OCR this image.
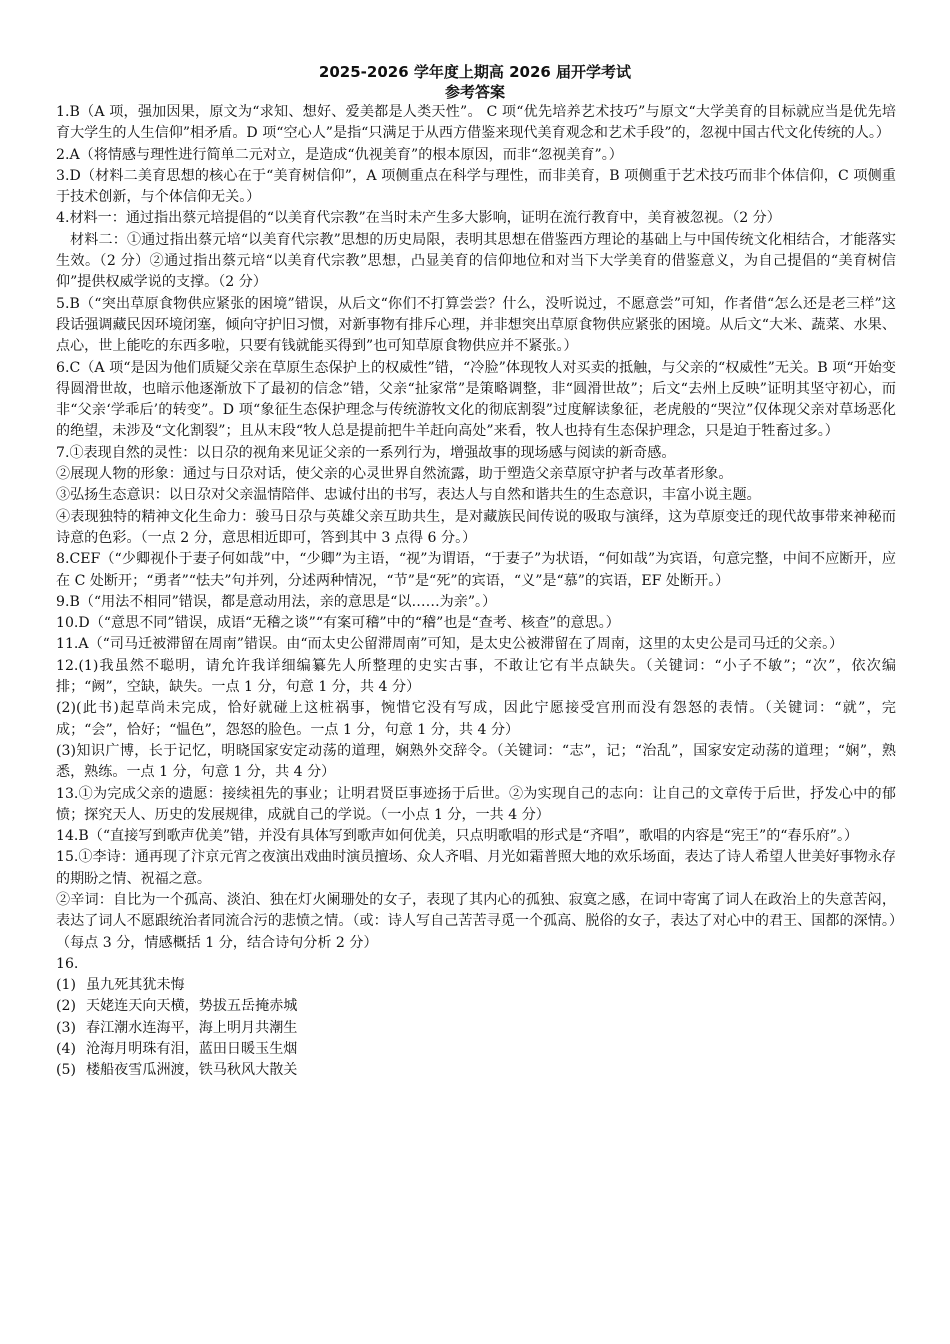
2025-2026 学年度上期高 2026 届开学考试
参考答案

1.B（A 项，强加因果，原文为“求知、想好、爱美都是人类天性”。 C 项“优先培养艺术技巧”与原文“大学美育的目标就应当是优先培育大学生的人生信仰”相矛盾。D 项“空心人”是指“只满足于从西方借鉴来现代美育观念和艺术手段”的，忽视中国古代文化传统的人。）

2.A（将情感与理性进行简单二元对立，是造成“仇视美育”的根本原因，而非“忽视美育”。）

3.D（材料二美育思想的核心在于“美育树信仰”，A 项侧重点在科学与理性，而非美育，B 项侧重于艺术技巧而非个体信仰，C 项侧重于技术创新，与个体信仰无关。）

4.材料一：通过指出蔡元培提倡的“以美育代宗教”在当时未产生多大影响，证明在流行教育中，美育被忽视。（2 分）

材料二：①通过指出蔡元培“以美育代宗教”思想的历史局限，表明其思想在借鉴西方理论的基础上与中国传统文化相结合，才能落实生效。（2 分）②通过指出蔡元培“以美育代宗教”思想，凸显美育的信仰地位和对当下大学美育的借鉴意义，为自己提倡的“美育树信仰”提供权威学说的支撑。（2 分）

5.B（“突出草原食物供应紧张的困境”错误，从后文“你们不打算尝尝？什么，没听说过，不愿意尝”可知，作者借“怎么还是老三样”这段话强调藏民因环境闭塞，倾向守护旧习惯，对新事物有排斥心理，并非想突出草原食物供应紧张的困境。从后文“大米、蔬菜、水果、点心，世上能吃的东西多啦，只要有钱就能买得到”也可知草原食物供应并不紧张。）

6.C（A 项“是因为他们质疑父亲在草原生态保护上的权威性”错，“冷脸”体现牧人对买卖的抵触，与父亲的“权威性”无关。B 项“开始变得圆滑世故，也暗示他逐渐放下了最初的信念”错，父亲“扯家常”是策略调整，非“圆滑世故”；后文“去州上反映”证明其坚守初心，而非“父亲‘学乖后’的转变”。D 项“象征生态保护理念与传统游牧文化的彻底割裂”过度解读象征，老虎般的“哭泣”仅体现父亲对草场恶化的绝望，未涉及“文化割裂”；且从末段“牧人总是提前把牛羊赶向高处”来看，牧人也持有生态保护理念，只是迫于牲畜过多。）

7.①表现自然的灵性：以日尕的视角来见证父亲的一系列行为，增强故事的现场感与阅读的新奇感。

②展现人物的形象：通过与日尕对话，使父亲的心灵世界自然流露，助于塑造父亲草原守护者与改革者形象。

③弘扬生态意识：以日尕对父亲温情陪伴、忠诚付出的书写，表达人与自然和谐共生的生态意识，丰富小说主题。

④表现独特的精神文化生命力：骏马日尕与英雄父亲互助共生，是对藏族民间传说的吸取与演绎，这为草原变迁的现代故事带来神秘而诗意的色彩。（一点 2 分，意思相近即可，答到其中 3 点得 6 分。）

8.CEF（“少卿视仆于妻子何如哉”中，“少卿”为主语，“视”为谓语，“于妻子”为状语，“何如哉”为宾语，句意完整，中间不应断开，应在 C 处断开；“勇者”“怯夫”句并列，分述两种情况，“节”是“死”的宾语，“义”是“慕”的宾语，EF 处断开。）

9.B（“用法不相同”错误，都是意动用法，亲的意思是“以……为亲”。）

10.D（“意思不同”错误，成语“无稽之谈”“有案可稽”中的“稽”也是“查考、核查”的意思。）

11.A（“司马迁被滞留在周南”错误。由“而太史公留滞周南”可知，是太史公被滞留在了周南，这里的太史公是司马迁的父亲。）

12.(1)我虽然不聪明，请允许我详细编纂先人所整理的史实古事，不敢让它有半点缺失。（关键词：“小子不敏”；“次”，依次编排；“阙”，空缺，缺失。一点 1 分，句意 1 分，共 4 分）

(2)(此书)起草尚未完成，恰好就碰上这桩祸事，惋惜它没有写成，因此宁愿接受宫刑而没有怨怒的表情。（关键词：“就”，完成；“会”，恰好；“愠色”，怨怒的脸色。一点 1 分，句意 1 分，共 4 分）

(3)知识广博，长于记忆，明晓国家安定动荡的道理，娴熟外交辞令。（关键词：“志”，记；“治乱”，国家安定动荡的道理；“娴”，熟悉，熟练。一点 1 分，句意 1 分，共 4 分）

13.①为完成父亲的遗愿：接续祖先的事业；让明君贤臣事迹扬于后世。②为实现自己的志向：让自己的文章传于后世，抒发心中的郁愤；探究天人、历史的发展规律，成就自己的学说。（一小点 1 分，一共 4 分）

14.B（“直接写到歌声优美”错，并没有具体写到歌声如何优美，只点明歌唱的形式是“齐唱”，歌唱的内容是“宪王”的“春乐府”。）

15.①李诗：通再现了汴京元宵之夜演出戏曲时演员擅场、众人齐唱、月光如霜普照大地的欢乐场面，表达了诗人希望人世美好事物永存的期盼之情、祝福之意。

②辛词：自比为一个孤高、淡泊、独在灯火阑珊处的女子，表现了其内心的孤独、寂寞之感，在词中寄寓了词人在政治上的失意苦闷，表达了词人不愿跟统治者同流合污的悲愤之情。（或：诗人写自己苦苦寻觅一个孤高、脱俗的女子，表达了对心中的君王、国都的深情。）（每点 3 分，情感概括 1 分，结合诗句分析 2 分）

16.

(1) 虽九死其犹未悔
(2) 天姥连天向天横，势拔五岳掩赤城
(3) 春江潮水连海平，海上明月共潮生
(4) 沧海月明珠有泪，蓝田日暖玉生烟
(5) 楼船夜雪瓜洲渡，铁马秋风大散关
